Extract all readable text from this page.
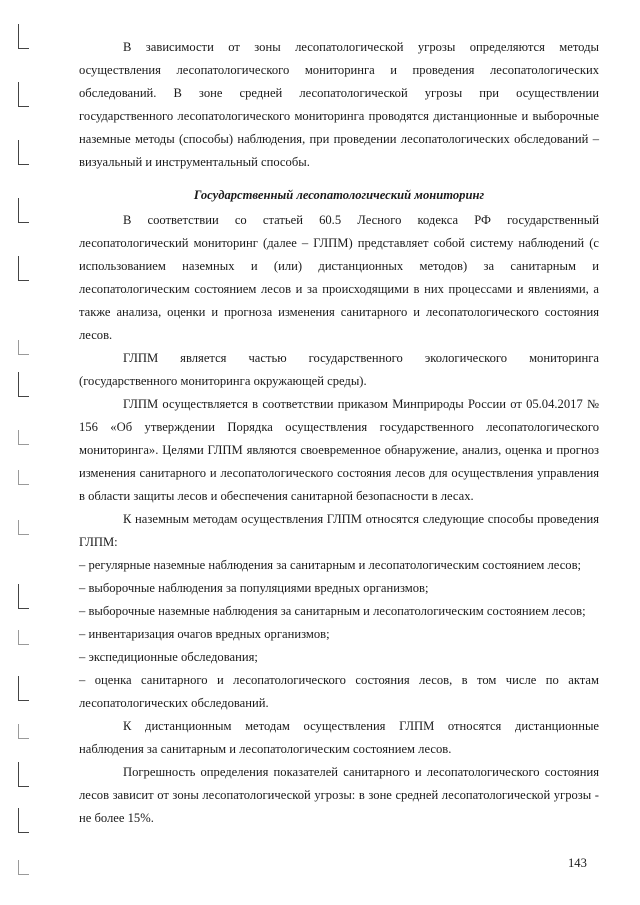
В зависимости от зоны лесопатологической угрозы определяются методы осуществления лесопатологического мониторинга и проведения лесопатологических обследований. В зоне средней лесопатологической угрозы при осуществлении государственного лесопатологического мониторинга проводятся дистанционные и выборочные наземные методы (способы) наблюдения, при проведении лесопатологических обследований – визуальный и инструментальный способы.

Государственный лесопатологический мониторинг

В соответствии со статьей 60.5 Лесного кодекса РФ государственный лесопатологический мониторинг (далее – ГЛПМ) представляет собой систему наблюдений (с использованием наземных и (или) дистанционных методов) за санитарным и лесопатологическим состоянием лесов и за происходящими в них процессами и явлениями, а также анализа, оценки и прогноза изменения санитарного и лесопатологического состояния лесов.

ГЛПМ является частью государственного экологического мониторинга (государственного мониторинга окружающей среды).

ГЛПМ осуществляется в соответствии приказом Минприроды России от 05.04.2017 № 156 «Об утверждении Порядка осуществления государственного лесопатологического мониторинга». Целями ГЛПМ являются своевременное обнаружение, анализ, оценка и прогноз изменения санитарного и лесопатологического состояния лесов для осуществления управления в области защиты лесов и обеспечения санитарной безопасности в лесах.

К наземным методам осуществления ГЛПМ относятся следующие способы проведения ГЛПМ:

– регулярные наземные наблюдения за санитарным и лесопатологическим состоянием лесов;

– выборочные наблюдения за популяциями вредных организмов;

– выборочные наземные наблюдения за санитарным и лесопатологическим состоянием лесов;

– инвентаризация очагов вредных организмов;

– экспедиционные обследования;

– оценка санитарного и лесопатологического состояния лесов, в том числе по актам лесопатологических обследований.

К дистанционным методам осуществления ГЛПМ относятся дистанционные наблюдения за санитарным и лесопатологическим состоянием лесов.

Погрешность определения показателей санитарного и лесопатологического состояния лесов зависит от зоны лесопатологической угрозы: в зоне средней лесопатологической угрозы - не более 15%.

143
